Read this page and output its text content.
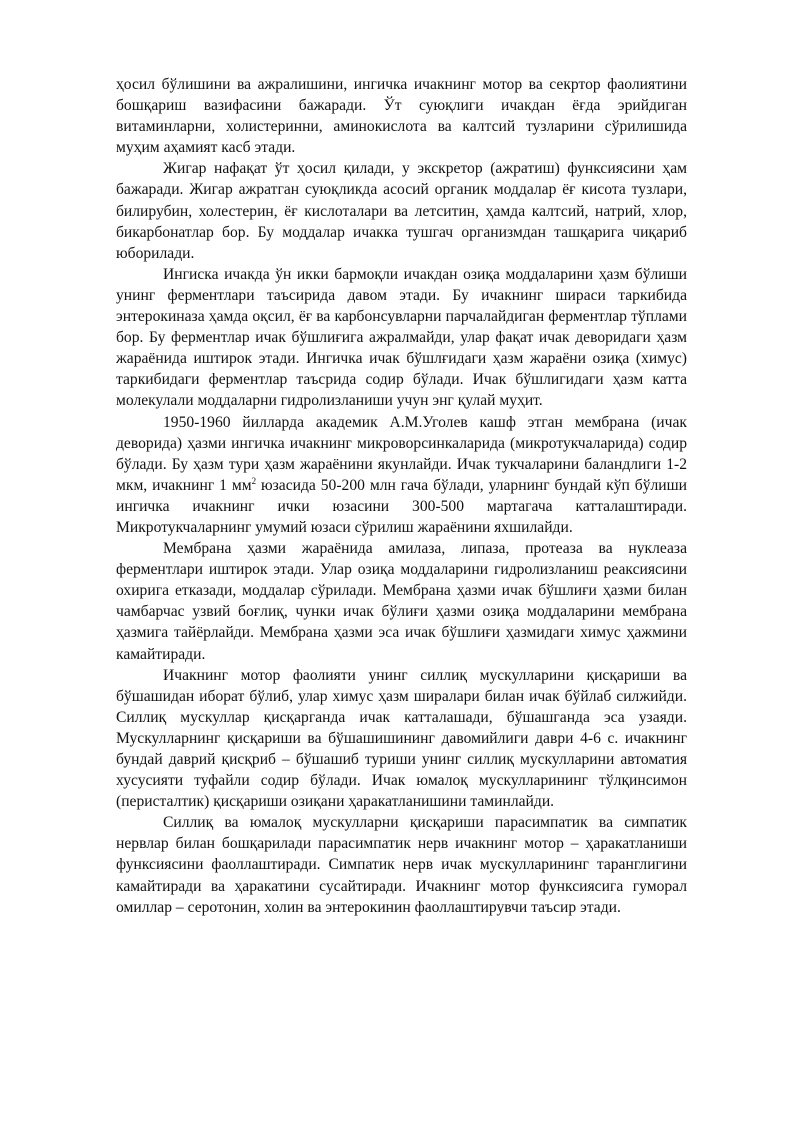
ҳосил бўлишини ва ажралишини, ингичка ичакнинг мотор ва секртор фаолиятини бошқариш вазифасини бажаради. Ўт суюқлиги ичакдан ёғда эрийдиган витаминларни, холистеринни, аминокислота ва калтсий тузларини сўрилишида муҳим аҳамият касб этади.

Жигар нафақат ўт ҳосил қилади, у экскретор (ажратиш) функсиясини ҳам бажаради. Жигар ажратган суюқликда асосий органик моддалар ёғ кисота тузлари, билирубин, холестерин, ёғ кислоталари ва летситин, ҳамда калтсий, натрий, хлор, бикарбонатлар бор. Бу моддалар ичакка тушгач организмдан ташқарига чиқариб юборилади.

Ингиска ичакда ўн икки бармоқли ичакдан озиқа моддаларини ҳазм бўлиши унинг ферментлари таъсирида давом этади. Бу ичакнинг шираси таркибида энтерокиназа ҳамда оқсил, ёғ ва карбонсувларни парчалайдиган ферментлар тўплами бор. Бу ферментлар ичак бўшлиғига ажралмайди, улар фақат ичак деворидаги ҳазм жараёнида иштирок этади. Ингичка ичак бўшлғидаги ҳазм жараёни озиқа (химус) таркибидаги ферментлар таъсрида содир бўлади. Ичак бўшлигидаги ҳазм катта молекулали моддаларни гидролизланиши учун энг қулай муҳит.

1950-1960 йилларда академик А.М.Уголев кашф этган мембрана (ичак деворида) ҳазми ингичка ичакнинг микроворсинкаларида (микротукчаларида) содир бўлади. Бу ҳазм тури ҳазм жараёнини якунлайди. Ичак тукчаларини баландлиги 1-2 мкм, ичакнинг 1 $мм^2$ юзасида 50-200 млн гача бўлади, уларнинг бундай кўп бўлиши ингичка ичакнинг ички юзасини 300-500 мартагача катталаштиради. Микротукчаларнинг умумий юзаси сўрилиш жараёнини яхшилайди.

Мембрана ҳазми жараёнида амилаза, липаза, протеаза ва нуклеаза ферментлари иштирок этади. Улар озиқа моддаларини гидролизланиш реаксиясини охирига етказади, моддалар сўрилади. Мембрана ҳазми ичак бўшлиғи ҳазми билан чамбарчас узвий боғлиқ, чунки ичак бўлиғи ҳазми озиқа моддаларини мембрана ҳазмига тайёрлайди. Мембрана ҳазми эса ичак бўшлиғи ҳазмидаги химус ҳажмини камайтиради.

Ичакнинг мотор фаолияти унинг силлиқ мускулларини қисқариши ва бўшашидан иборат бўлиб, улар химус ҳазм ширалари билан ичак бўйлаб силжийди. Силлиқ мускуллар қисқарганда ичак катталашади, бўшашганда эса узаяди. Мускулларнинг қисқариши ва бўшашишининг давомийлиги даври 4-6 с. ичакнинг бундай даврий қисқриб – бўшашиб туриши унинг силлиқ мускулларини автоматия хусусияти туфайли содир бўлади. Ичак юмалоқ мускулларининг тўлқинсимон (перисталтик) қисқариши озиқани ҳаракатланишини таминлайди.

Силлиқ ва юмалоқ мускулларни қисқариши парасимпатик ва симпатик нервлар билан бошқарилади парасимпатик нерв ичакнинг мотор – ҳаракатланиши функсиясини фаоллаштиради. Симпатик нерв ичак мускулларининг таранглигини камайтиради ва ҳаракатини сусайтиради. Ичакнинг мотор функсиясига гуморал омиллар – серотонин, холин ва энтерокинин фаоллаштирувчи таъсир этади.
